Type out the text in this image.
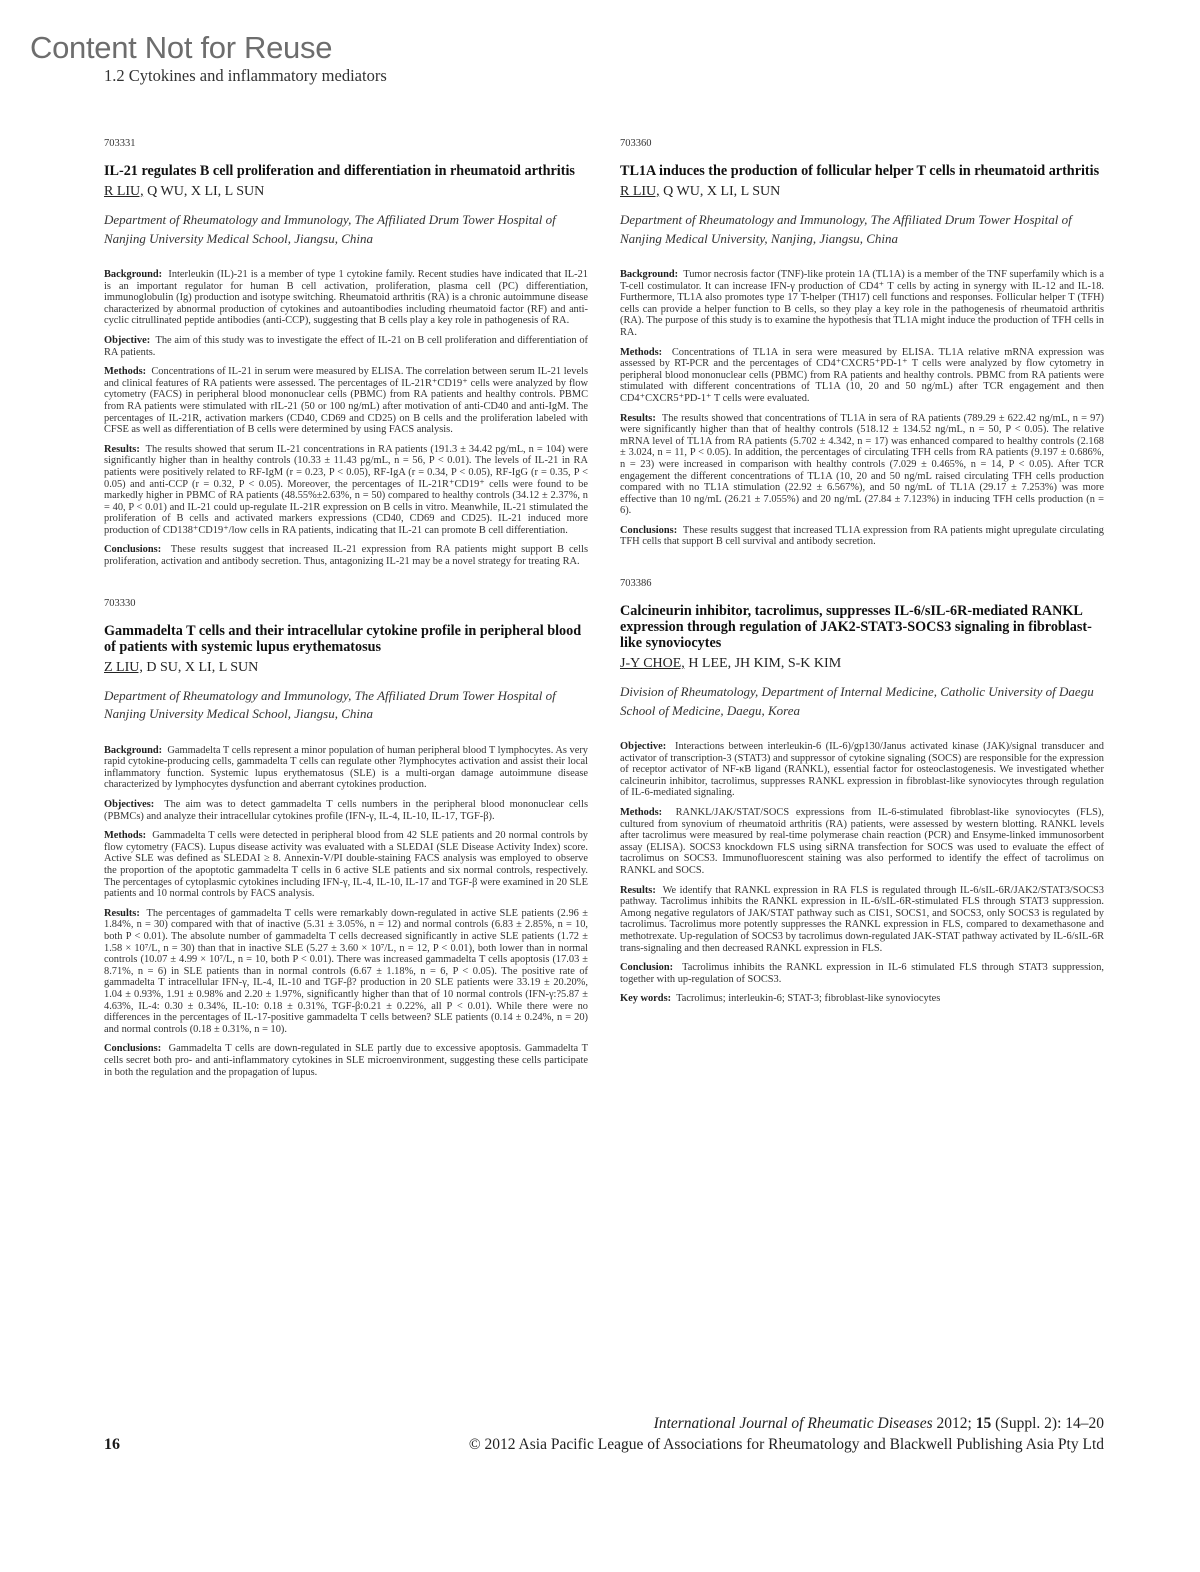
Content Not for Reuse
1.2 Cytokines and inflammatory mediators
703331
IL-21 regulates B cell proliferation and differentiation in rheumatoid arthritis
R LIU, Q WU, X LI, L SUN
Department of Rheumatology and Immunology, The Affiliated Drum Tower Hospital of Nanjing University Medical School, Jiangsu, China

Background: Interleukin (IL)-21 is a member of type 1 cytokine family. Recent studies have indicated that IL-21 is an important regulator for human B cell activation, proliferation, plasma cell (PC) differentiation, immunoglobulin (Ig) production and isotype switching. Rheumatoid arthritis (RA) is a chronic autoimmune disease characterized by abnormal production of cytokines and autoantibodies including rheumatoid factor (RF) and anti-cyclic citrullinated peptide antibodies (anti-CCP), suggesting that B cells play a key role in pathogenesis of RA.

Objective: The aim of this study was to investigate the effect of IL-21 on B cell proliferation and differentiation of RA patients.

Methods: Concentrations of IL-21 in serum were measured by ELISA. The correlation between serum IL-21 levels and clinical features of RA patients were assessed. The percentages of IL-21R⁺CD19⁺ cells were analyzed by flow cytometry (FACS) in peripheral blood mononuclear cells (PBMC) from RA patients and healthy controls. PBMC from RA patients were stimulated with rIL-21 (50 or 100 ng/mL) after motivation of anti-CD40 and anti-IgM. The percentages of IL-21R, activation markers (CD40, CD69 and CD25) on B cells and the proliferation labeled with CFSE as well as differentiation of B cells were determined by using FACS analysis.

Results: The results showed that serum IL-21 concentrations in RA patients (191.3 ± 34.42 pg/mL, n = 104) were significantly higher than in healthy controls (10.33 ± 11.43 pg/mL, n = 56, P < 0.01). The levels of IL-21 in RA patients were positively related to RF-IgM (r = 0.23, P < 0.05), RF-IgA (r = 0.34, P < 0.05), RF-IgG (r = 0.35, P < 0.05) and anti-CCP (r = 0.32, P < 0.05). Moreover, the percentages of IL-21R⁺CD19⁺ cells were found to be markedly higher in PBMC of RA patients (48.55%±2.63%, n = 50) compared to healthy controls (34.12 ± 2.37%, n = 40, P < 0.01) and IL-21 could up-regulate IL-21R expression on B cells in vitro. Meanwhile, IL-21 stimulated the proliferation of B cells and activated markers expressions (CD40, CD69 and CD25). IL-21 induced more production of CD138⁺CD19⁺/low cells in RA patients, indicating that IL-21 can promote B cell differentiation.

Conclusions: These results suggest that increased IL-21 expression from RA patients might support B cells proliferation, activation and antibody secretion. Thus, antagonizing IL-21 may be a novel strategy for treating RA.

703330
Gammadelta T cells and their intracellular cytokine profile in peripheral blood of patients with systemic lupus erythematosus
Z LIU, D SU, X LI, L SUN
Department of Rheumatology and Immunology, The Affiliated Drum Tower Hospital of Nanjing University Medical School, Jiangsu, China

Background: Gammadelta T cells represent a minor population of human peripheral blood T lymphocytes. As very rapid cytokine-producing cells, gammadelta T cells can regulate other ?lymphocytes activation and assist their local inflammatory function. Systemic lupus erythematosus (SLE) is a multi-organ damage autoimmune disease characterized by lymphocytes dysfunction and aberrant cytokines production.

Objectives: The aim was to detect gammadelta T cells numbers in the peripheral blood mononuclear cells (PBMCs) and analyze their intracellular cytokines profile (IFN-γ, IL-4, IL-10, IL-17, TGF-β).

Methods: Gammadelta T cells were detected in peripheral blood from 42 SLE patients and 20 normal controls by flow cytometry (FACS). Lupus disease activity was evaluated with a SLEDAI (SLE Disease Activity Index) score. Active SLE was defined as SLEDAI ≥ 8. Annexin-V/PI double-staining FACS analysis was employed to observe the proportion of the apoptotic gammadelta T cells in 6 active SLE patients and six normal controls, respectively. The percentages of cytoplasmic cytokines including IFN-γ, IL-4, IL-10, IL-17 and TGF-β were examined in 20 SLE patients and 10 normal controls by FACS analysis.

Results: The percentages of gammadelta T cells were remarkably down-regulated in active SLE patients (2.96 ± 1.84%, n = 30) compared with that of inactive (5.31 ± 3.05%, n = 12) and normal controls (6.83 ± 2.85%, n = 10, both P < 0.01). The absolute number of gammadelta T cells decreased significantly in active SLE patients (1.72 ± 1.58 × 10⁷/L, n = 30) than that in inactive SLE (5.27 ± 3.60 × 10⁷/L, n = 12, P < 0.01), both lower than in normal controls (10.07 ± 4.99 × 10⁷/L, n = 10, both P < 0.01). There was increased gammadelta T cells apoptosis (17.03 ± 8.71%, n = 6) in SLE patients than in normal controls (6.67 ± 1.18%, n = 6, P < 0.05). The positive rate of gammadelta T intracellular IFN-γ, IL-4, IL-10 and TGF-β? production in 20 SLE patients were 33.19 ± 20.20%, 1.04 ± 0.93%, 1.91 ± 0.98% and 2.20 ± 1.97%, significantly higher than that of 10 normal controls (IFN-γ:?5.87 ± 4.63%, IL-4: 0.30 ± 0.34%, IL-10: 0.18 ± 0.31%, TGF-β:0.21 ± 0.22%, all P < 0.01). While there were no differences in the percentages of IL-17-positive gammadelta T cells between? SLE patients (0.14 ± 0.24%, n = 20) and normal controls (0.18 ± 0.31%, n = 10).

Conclusions: Gammadelta T cells are down-regulated in SLE partly due to excessive apoptosis. Gammadelta T cells secret both pro- and anti-inflammatory cytokines in SLE microenvironment, suggesting these cells participate in both the regulation and the propagation of lupus.

703360
TL1A induces the production of follicular helper T cells in rheumatoid arthritis
R LIU, Q WU, X LI, L SUN
Department of Rheumatology and Immunology, The Affiliated Drum Tower Hospital of Nanjing Medical University, Nanjing, Jiangsu, China

Background: Tumor necrosis factor (TNF)-like protein 1A (TL1A) is a member of the TNF superfamily which is a T-cell costimulator. It can increase IFN-γ production of CD4⁺ T cells by acting in synergy with IL-12 and IL-18. Furthermore, TL1A also promotes type 17 T-helper (TH17) cell functions and responses. Follicular helper T (TFH) cells can provide a helper function to B cells, so they play a key role in the pathogenesis of rheumatoid arthritis (RA). The purpose of this study is to examine the hypothesis that TL1A might induce the production of TFH cells in RA.

Methods: Concentrations of TL1A in sera were measured by ELISA. TL1A relative mRNA expression was assessed by RT-PCR and the percentages of CD4⁺CXCR5⁺PD-1⁺ T cells were analyzed by flow cytometry in peripheral blood mononuclear cells (PBMC) from RA patients and healthy controls. PBMC from RA patients were stimulated with different concentrations of TL1A (10, 20 and 50 ng/mL) after TCR engagement and then CD4⁺CXCR5⁺PD-1⁺ T cells were evaluated.

Results: The results showed that concentrations of TL1A in sera of RA patients (789.29 ± 622.42 ng/mL, n = 97) were significantly higher than that of healthy controls (518.12 ± 134.52 ng/mL, n = 50, P < 0.05). The relative mRNA level of TL1A from RA patients (5.702 ± 4.342, n = 17) was enhanced compared to healthy controls (2.168 ± 3.024, n = 11, P < 0.05). In addition, the percentages of circulating TFH cells from RA patients (9.197 ± 0.686%, n = 23) were increased in comparison with healthy controls (7.029 ± 0.465%, n = 14, P < 0.05). After TCR engagement the different concentrations of TL1A (10, 20 and 50 ng/mL raised circulating TFH cells production compared with no TL1A stimulation (22.92 ± 6.567%), and 50 ng/mL of TL1A (29.17 ± 7.253%) was more effective than 10 ng/mL (26.21 ± 7.055%) and 20 ng/mL (27.84 ± 7.123%) in inducing TFH cells production (n = 6).

Conclusions: These results suggest that increased TL1A expression from RA patients might upregulate circulating TFH cells that support B cell survival and antibody secretion.

703386
Calcineurin inhibitor, tacrolimus, suppresses IL-6/sIL-6R-mediated RANKL expression through regulation of JAK2-STAT3-SOCS3 signaling in fibroblast-like synoviocytes
J-Y CHOE, H LEE, JH KIM, S-K KIM
Division of Rheumatology, Department of Internal Medicine, Catholic University of Daegu School of Medicine, Daegu, Korea

Objective: Interactions between interleukin-6 (IL-6)/gp130/Janus activated kinase (JAK)/signal transducer and activator of transcription-3 (STAT3) and suppressor of cytokine signaling (SOCS) are responsible for the expression of receptor activator of NF-κB ligand (RANKL), essential factor for osteoclastogenesis. We investigated whether calcineurin inhibitor, tacrolimus, suppresses RANKL expression in fibroblast-like synoviocytes through regulation of IL-6-mediated signaling.

Methods: RANKL/JAK/STAT/SOCS expressions from IL-6-stimulated fibroblast-like synoviocytes (FLS), cultured from synovium of rheumatoid arthritis (RA) patients, were assessed by western blotting. RANKL levels after tacrolimus were measured by real-time polymerase chain reaction (PCR) and Ensyme-linked immunosorbent assay (ELISA). SOCS3 knockdown FLS using siRNA transfection for SOCS was used to evaluate the effect of tacrolimus on SOCS3. Immunofluorescent staining was also performed to identify the effect of tacrolimus on RANKL and SOCS.

Results: We identify that RANKL expression in RA FLS is regulated through IL-6/sIL-6R/JAK2/STAT3/SOCS3 pathway. Tacrolimus inhibits the RANKL expression in IL-6/sIL-6R-stimulated FLS through STAT3 suppression. Among negative regulators of JAK/STAT pathway such as CIS1, SOCS1, and SOCS3, only SOCS3 is regulated by tacrolimus. Tacrolimus more potently suppresses the RANKL expression in FLS, compared to dexamethasone and methotrexate. Up-regulation of SOCS3 by tacrolimus down-regulated JAK-STAT pathway activated by IL-6/sIL-6R trans-signaling and then decreased RANKL expression in FLS.

Conclusion: Tacrolimus inhibits the RANKL expression in IL-6 stimulated FLS through STAT3 suppression, together with up-regulation of SOCS3.

Key words: Tacrolimus; interleukin-6; STAT-3; fibroblast-like synoviocytes

International Journal of Rheumatic Diseases 2012; 15 (Suppl. 2): 14–20
16	© 2012 Asia Pacific League of Associations for Rheumatology and Blackwell Publishing Asia Pty Ltd
